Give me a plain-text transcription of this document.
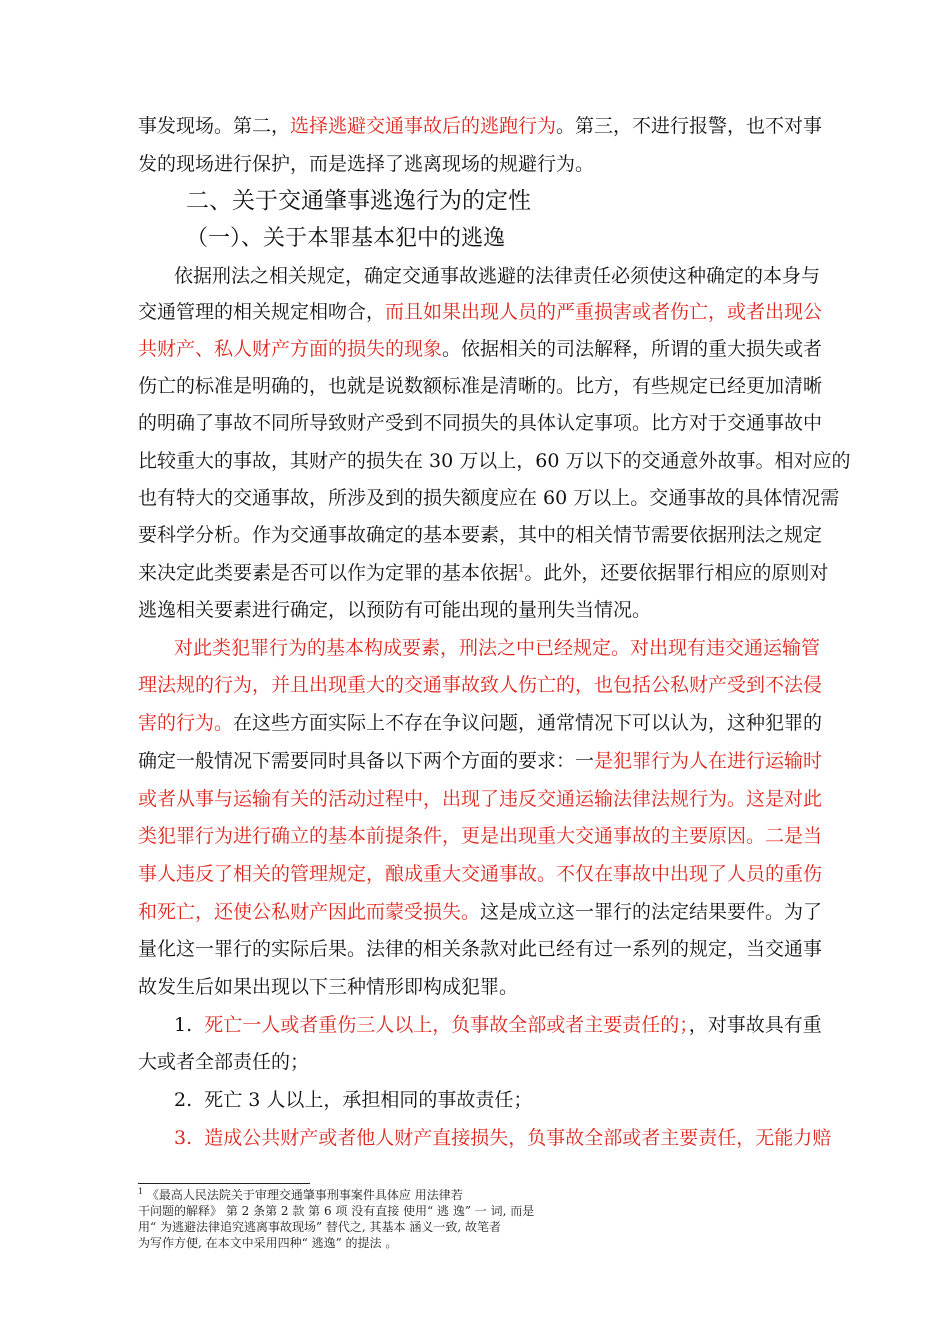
事发现场。第二，选择逃避交通事故后的逃跑行为。第三，不进行报警，也不对事
发的现场进行保护，而是选择了逃离现场的规避行为。
二、关于交通肇事逃逸行为的定性
（一）、关于本罪基本犯中的逃逸
依据刑法之相关规定，确定交通事故逃避的法律责任必须使这种确定的本身与
交通管理的相关规定相吻合，而且如果出现人员的严重损害或者伤亡，或者出现公
共财产、私人财产方面的损失的现象。依据相关的司法解释，所谓的重大损失或者
伤亡的标准是明确的，也就是说数额标准是清晰的。比方，有些规定已经更加清晰
的明确了事故不同所导致财产受到不同损失的具体认定事项。比方对于交通事故中
比较重大的事故，其财产的损失在 30 万以上，60 万以下的交通意外故事。相对应的
也有特大的交通事故，所涉及到的损失额度应在 60 万以上。交通事故的具体情况需
要科学分析。作为交通事故确定的基本要素，其中的相关情节需要依据刑法之规定
来决定此类要素是否可以作为定罪的基本依据$^1$。此外，还要依据罪行相应的原则对
逃逸相关要素进行确定，以预防有可能出现的量刑失当情况。
对此类犯罪行为的基本构成要素，刑法之中已经规定。对出现有违交通运输管
理法规的行为，并且出现重大的交通事故致人伤亡的，也包括公私财产受到不法侵
害的行为。在这些方面实际上不存在争议问题，通常情况下可以认为，这种犯罪的
确定一般情况下需要同时具备以下两个方面的要求：一是犯罪行为人在进行运输时
或者从事与运输有关的活动过程中，出现了违反交通运输法律法规行为。这是对此
类犯罪行为进行确立的基本前提条件，更是出现重大交通事故的主要原因。二是当
事人违反了相关的管理规定，酿成重大交通事故。不仅在事故中出现了人员的重伤
和死亡，还使公私财产因此而蒙受损失。这是成立这一罪行的法定结果要件。为了
量化这一罪行的实际后果。法律的相关条款对此已经有过一系列的规定，当交通事
故发生后如果出现以下三种情形即构成犯罪。
1. 死亡一人或者重伤三人以上，负事故全部或者主要责任的；，对事故具有重
大或者全部责任的；
2. 死亡 3 人以上，承担相同的事故责任；
3. 造成公共财产或者他人财产直接损失，负事故全部或者主要责任，无能力赔
$^1$ 《最高人民法院关于审理交通肇事刑事案件具体应 用法律若
干问题的解释》 第 2 条第 2 款 第 6 项 没有直接 使用“ 逃 逸” 一 词, 而是
用“ 为逃避法律追究逃离事故现场” 替代之, 其基本 涵义一致, 故笔者
为写作方便, 在本文中采用四种“ 逃逸” 的提法 。
